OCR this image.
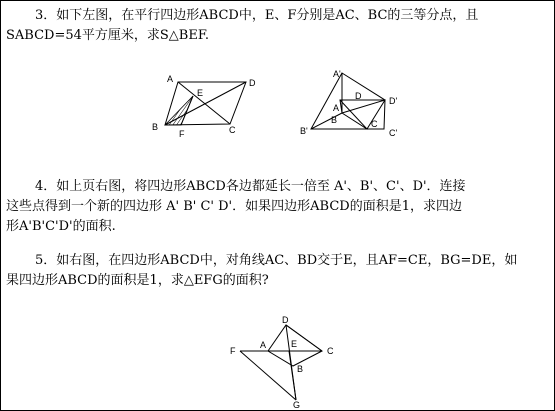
3．如下左图，在平行四边形ABCD中，E、F分别是AC、BC的三等分点，且
SABCD=54平方厘米，求S△BEF.
A	D
E
B
F	C
A'
D	D'
A
B	C
B'	C'
4．如上页右图，将四边形ABCD各边都延长一倍至 A'、B'、C'、D'．连接
这些点得到一个新的四边形 A' B' C' D'．如果四边形ABCD的面积是1，求四边
形A'B'C'D'的面积.
5．如右图，在四边形ABCD中，对角线AC、BD交于E，且AF=CE，BG=DE，如
果四边形ABCD的面积是1，求△EFG的面积?
D
F
A	E
C
B
G
